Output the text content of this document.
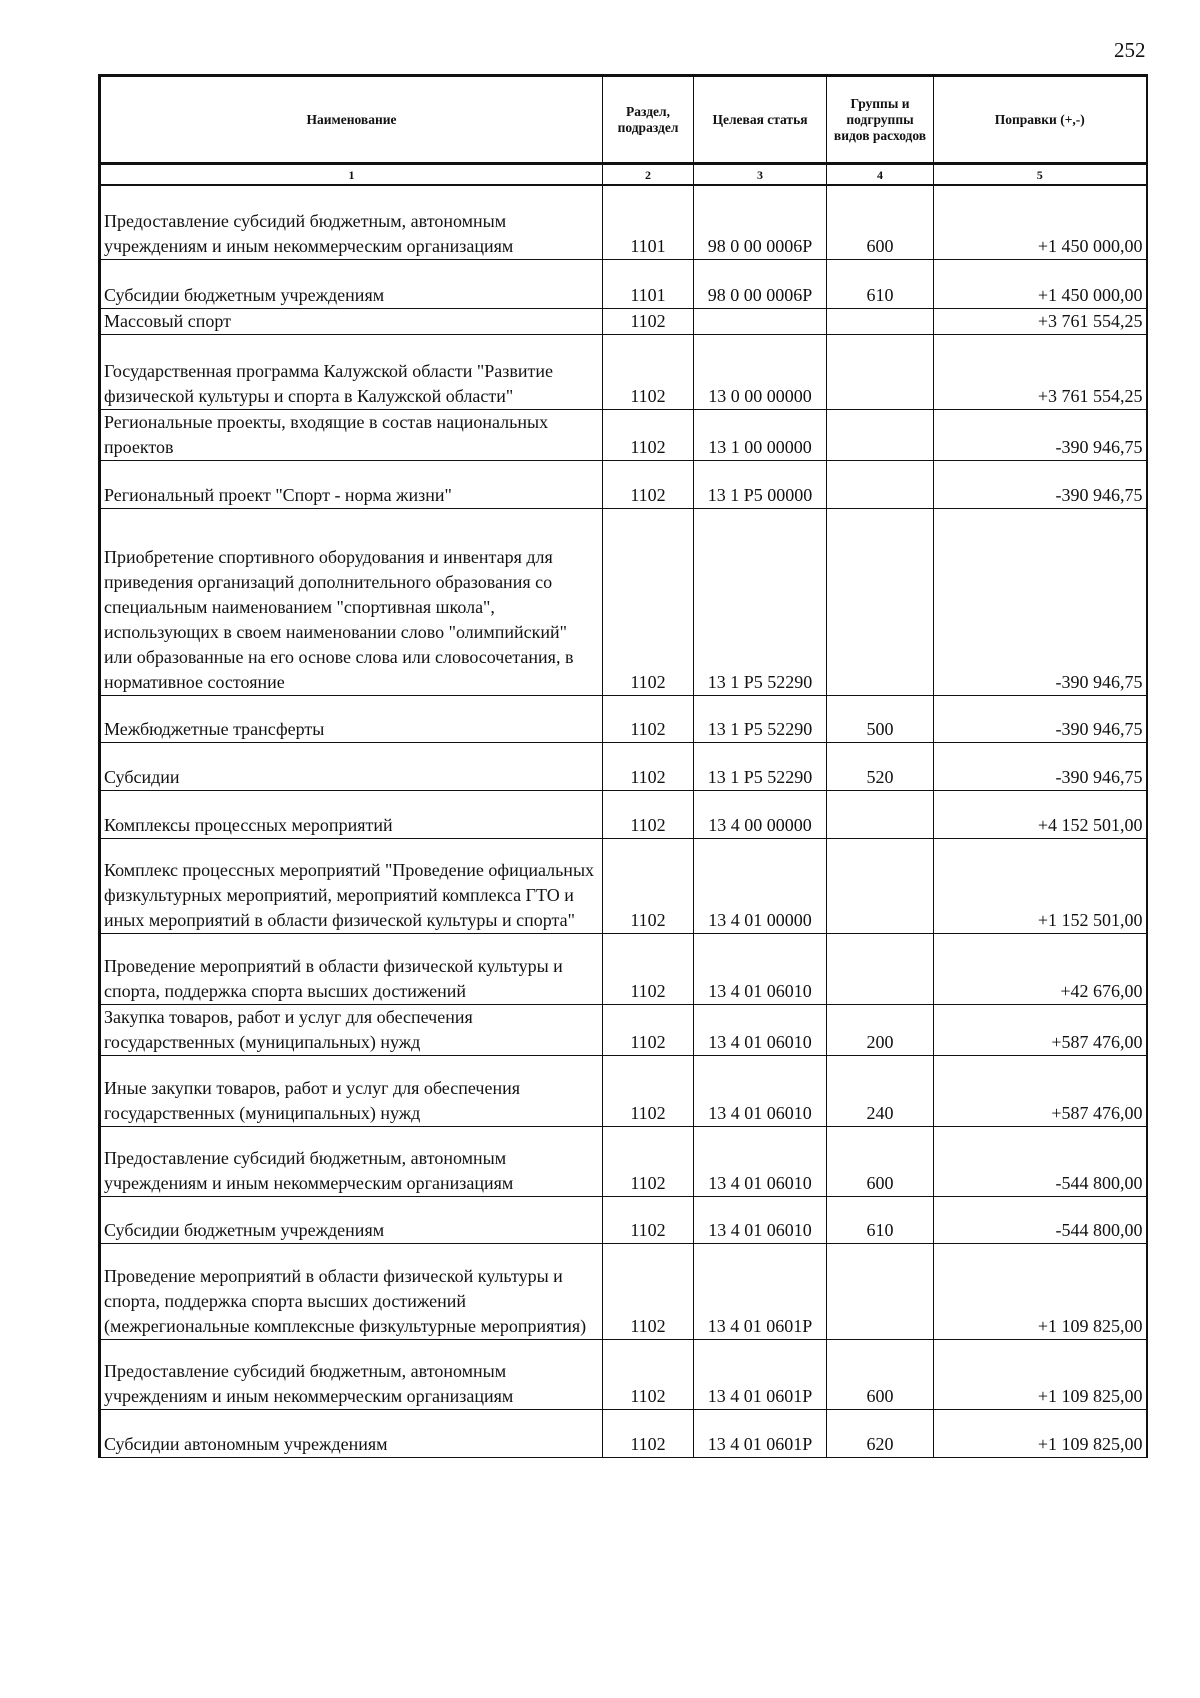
252
Наименование	Раздел, подраздел	Целевая статья	Группы и подгруппы видов расходов	Поправки (+,-)
1	2	3	4	5
Предоставление субсидий бюджетным, автономным учреждениям и иным некоммерческим организациям	1101	98 0 00 0006Р	600	+1 450 000,00
Субсидии бюджетным учреждениям	1101	98 0 00 0006Р	610	+1 450 000,00
Массовый спорт	1102			+3 761 554,25
Государственная программа Калужской области "Развитие физической культуры и спорта в Калужской области"	1102	13 0 00 00000		+3 761 554,25
Региональные проекты, входящие в состав национальных проектов	1102	13 1 00 00000		-390 946,75
Региональный проект "Спорт - норма жизни"	1102	13 1 Р5 00000		-390 946,75
Приобретение спортивного оборудования и инвентаря для приведения организаций дополнительного образования со специальным наименованием "спортивная школа", использующих в своем наименовании слово "олимпийский" или образованные на его основе слова или словосочетания, в нормативное состояние	1102	13 1 Р5 52290		-390 946,75
Межбюджетные трансферты	1102	13 1 Р5 52290	500	-390 946,75
Субсидии	1102	13 1 Р5 52290	520	-390 946,75
Комплексы процессных мероприятий	1102	13 4 00 00000		+4 152 501,00
Комплекс процессных мероприятий "Проведение официальных физкультурных мероприятий, мероприятий комплекса ГТО и иных мероприятий в области физической культуры и спорта"	1102	13 4 01 00000		+1 152 501,00
Проведение мероприятий в области физической культуры и спорта, поддержка спорта высших достижений	1102	13 4 01 06010		+42 676,00
Закупка товаров, работ и услуг для обеспечения государственных (муниципальных) нужд	1102	13 4 01 06010	200	+587 476,00
Иные закупки товаров, работ и услуг для обеспечения государственных (муниципальных) нужд	1102	13 4 01 06010	240	+587 476,00
Предоставление субсидий бюджетным, автономным учреждениям и иным некоммерческим организациям	1102	13 4 01 06010	600	-544 800,00
Субсидии бюджетным учреждениям	1102	13 4 01 06010	610	-544 800,00
Проведение мероприятий в области физической культуры и спорта, поддержка спорта высших достижений (межрегиональные комплексные физкультурные мероприятия)	1102	13 4 01 0601Р		+1 109 825,00
Предоставление субсидий бюджетным, автономным учреждениям и иным некоммерческим организациям	1102	13 4 01 0601Р	600	+1 109 825,00
Субсидии автономным учреждениям	1102	13 4 01 0601Р	620	+1 109 825,00
